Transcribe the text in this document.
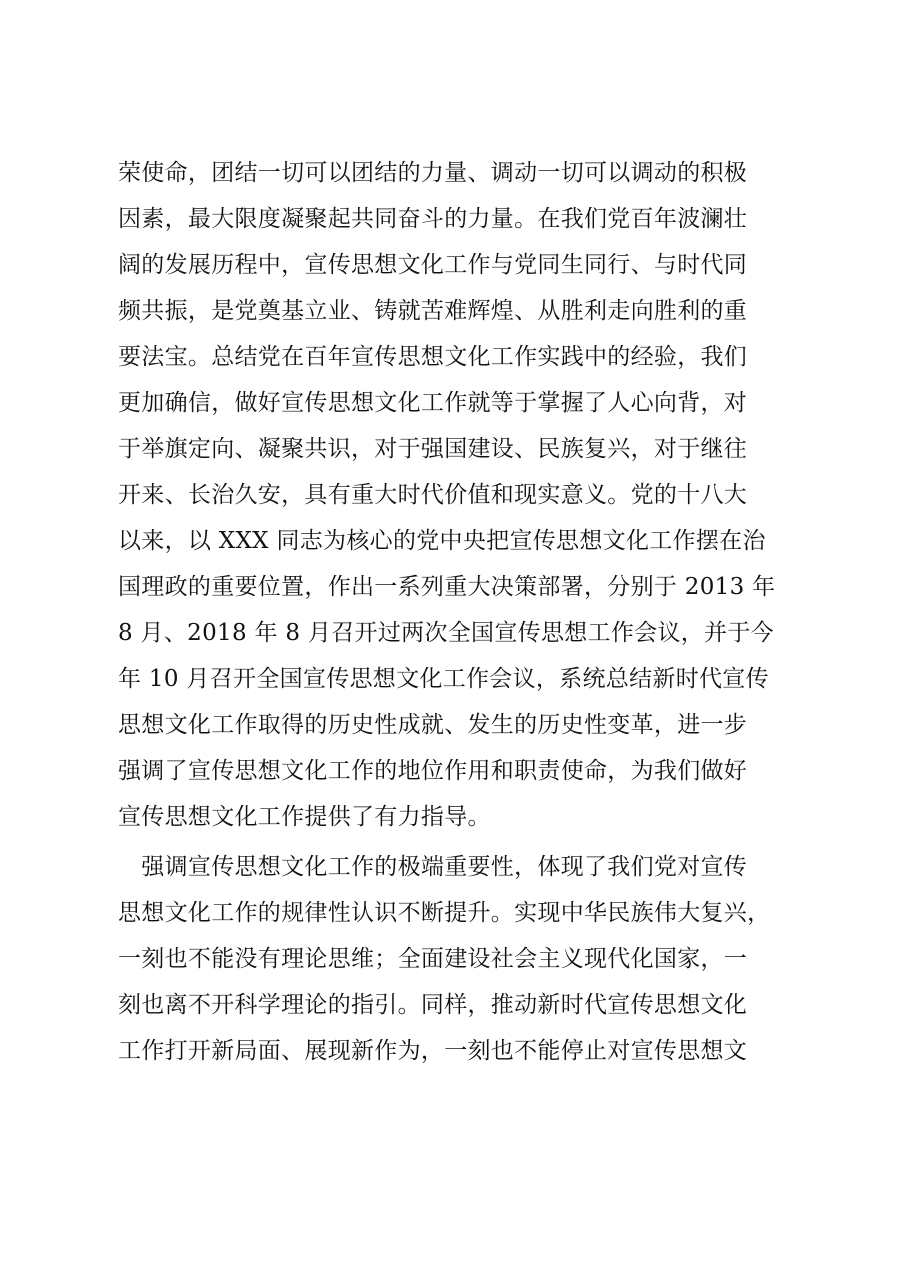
荣使命，团结一切可以团结的力量、调动一切可以调动的积极
因素，最大限度凝聚起共同奋斗的力量。在我们党百年波澜壮
阔的发展历程中，宣传思想文化工作与党同生同行、与时代同
频共振，是党奠基立业、铸就苦难辉煌、从胜利走向胜利的重
要法宝。总结党在百年宣传思想文化工作实践中的经验，我们
更加确信，做好宣传思想文化工作就等于掌握了人心向背，对
于举旗定向、凝聚共识，对于强国建设、民族复兴，对于继往
开来、长治久安，具有重大时代价值和现实意义。党的十八大
以来，以 XXX 同志为核心的党中央把宣传思想文化工作摆在治
国理政的重要位置，作出一系列重大决策部署，分别于 2013 年
8 月、2018 年 8 月召开过两次全国宣传思想工作会议，并于今
年 10 月召开全国宣传思想文化工作会议，系统总结新时代宣传
思想文化工作取得的历史性成就、发生的历史性变革，进一步
强调了宣传思想文化工作的地位作用和职责使命，为我们做好
宣传思想文化工作提供了有力指导。
　强调宣传思想文化工作的极端重要性，体现了我们党对宣传
思想文化工作的规律性认识不断提升。实现中华民族伟大复兴，
一刻也不能没有理论思维；全面建设社会主义现代化国家，一
刻也离不开科学理论的指引。同样，推动新时代宣传思想文化
工作打开新局面、展现新作为，一刻也不能停止对宣传思想文
